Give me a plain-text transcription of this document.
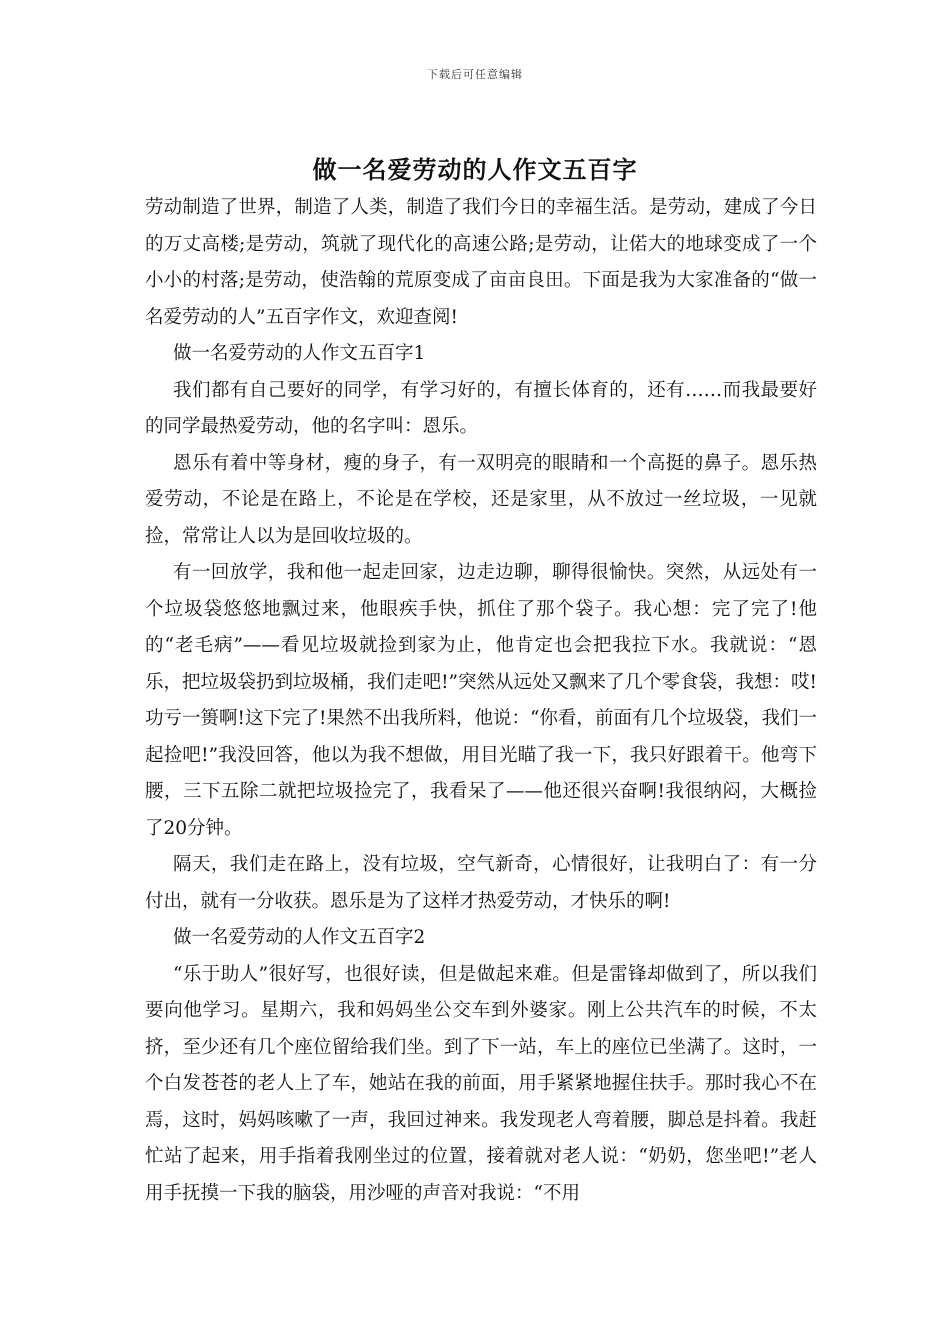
下载后可任意编辑
做一名爱劳动的人作文五百字

劳动制造了世界，制造了人类，制造了我们今日的幸福生活。是劳动，建成了今日的万丈高楼;是劳动，筑就了现代化的高速公路;是劳动，让偌大的地球变成了一个小小的村落;是劳动，使浩翰的荒原变成了亩亩良田。下面是我为大家准备的“做一名爱劳动的人”五百字作文，欢迎查阅!

做一名爱劳动的人作文五百字1

我们都有自己要好的同学，有学习好的，有擅长体育的，还有……而我最要好的同学最热爱劳动，他的名字叫：恩乐。

恩乐有着中等身材，瘦的身子，有一双明亮的眼睛和一个高挺的鼻子。恩乐热爱劳动，不论是在路上，不论是在学校，还是家里，从不放过一丝垃圾，一见就捡，常常让人以为是回收垃圾的。

有一回放学，我和他一起走回家，边走边聊，聊得很愉快。突然，从远处有一个垃圾袋悠悠地飘过来，他眼疾手快，抓住了那个袋子。我心想：完了完了!他的“老毛病”——看见垃圾就捡到家为止，他肯定也会把我拉下水。我就说：“恩乐，把垃圾袋扔到垃圾桶，我们走吧!”突然从远处又飘来了几个零食袋，我想：哎!功亏一篑啊!这下完了!果然不出我所料，他说：“你看，前面有几个垃圾袋，我们一起捡吧!”我没回答，他以为我不想做，用目光瞄了我一下，我只好跟着干。他弯下腰，三下五除二就把垃圾捡完了，我看呆了——他还很兴奋啊!我很纳闷，大概捡了20分钟。

隔天，我们走在路上，没有垃圾，空气新奇，心情很好，让我明白了：有一分付出，就有一分收获。恩乐是为了这样才热爱劳动，才快乐的啊!

做一名爱劳动的人作文五百字2

“乐于助人”很好写，也很好读，但是做起来难。但是雷锋却做到了，所以我们要向他学习。星期六，我和妈妈坐公交车到外婆家。刚上公共汽车的时候，不太挤，至少还有几个座位留给我们坐。到了下一站，车上的座位已坐满了。这时，一个白发苍苍的老人上了车，她站在我的前面，用手紧紧地握住扶手。那时我心不在焉，这时，妈妈咳嗽了一声，我回过神来。我发现老人弯着腰，脚总是抖着。我赶忙站了起来，用手指着我刚坐过的位置，接着就对老人说：“奶奶，您坐吧!”老人用手抚摸一下我的脑袋，用沙哑的声音对我说：“不用
